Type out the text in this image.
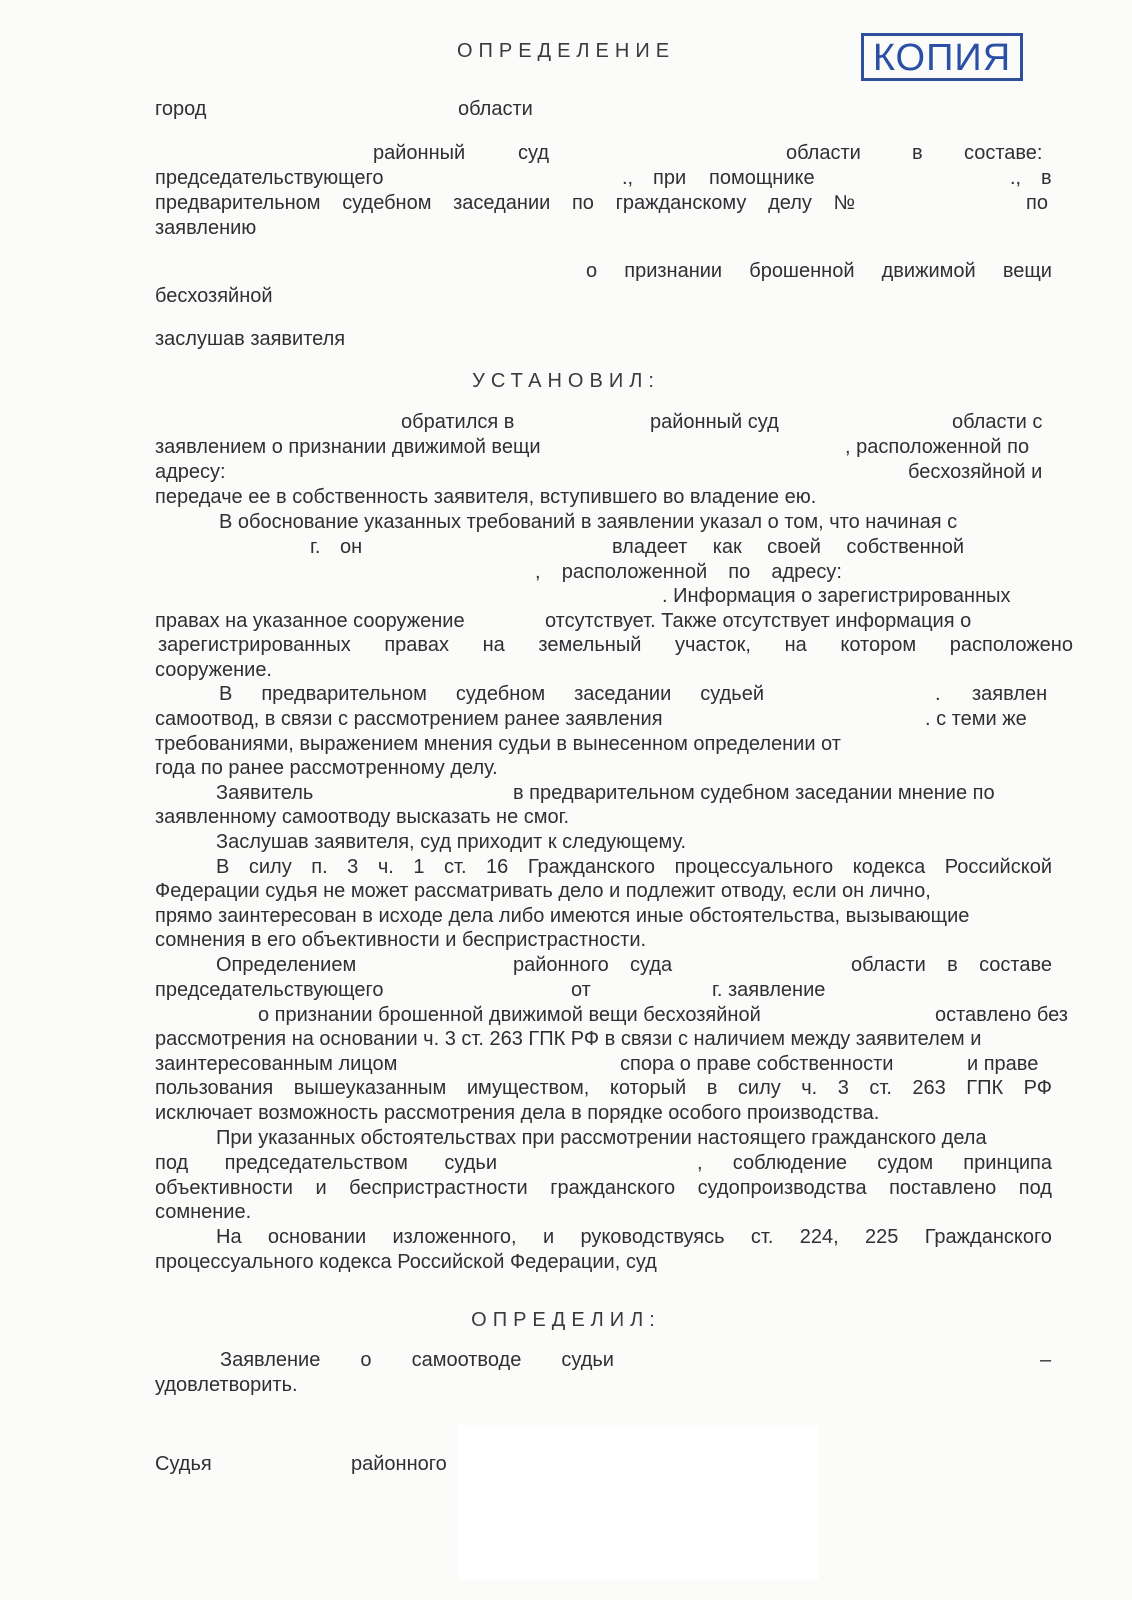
КОПИЯ
ОПРЕДЕЛЕНИЕ
город	области
районный	суд	области	в составе:
председательствующего	., при помощнике	., в
предварительном судебном заседании по гражданскому делу №	по
заявлению
о признании брошенной движимой вещи
бесхозяйной
заслушав заявителя
УСТАНОВИЛ:
обратился в	районный суд	области с
заявлением о признании движимой вещи	, расположенной по
адресу:	бесхозяйной и
передаче ее в собственность заявителя, вступившего во владение ею.
В обоснование указанных требований в заявлении указал о том, что начиная с
г. он	владеет как своей собственной
, расположенной по адресу:
. Информация о зарегистрированных
правах на указанное сооружение	отсутствует. Также отсутствует информация о
зарегистрированных правах на земельный участок, на котором расположено
сооружение.
В предварительном судебном заседании судьей	. заявлен
самоотвод, в связи с рассмотрением ранее заявления	. с теми же
требованиями, выражением мнения судьи в вынесенном определении от
года по ранее рассмотренному делу.
Заявитель	в предварительном судебном заседании мнение по
заявленному самоотводу высказать не смог.
Заслушав заявителя, суд приходит к следующему.
В силу п. 3 ч. 1 ст. 16 Гражданского процессуального кодекса Российской
Федерации судья не может рассматривать дело и подлежит отводу, если он лично,
прямо заинтересован в исходе дела либо имеются иные обстоятельства, вызывающие
сомнения в его объективности и беспристрастности.
Определением	районного суда	области в составе
председательствующего	от	г. заявление
о признании брошенной движимой вещи бесхозяйной	оставлено без
рассмотрения на основании ч. 3 ст. 263 ГПК РФ в связи с наличием между заявителем и
заинтересованным лицом	спора о праве собственности	и праве
пользования вышеуказанным имуществом, который в силу ч. 3 ст. 263 ГПК РФ
исключает возможность рассмотрения дела в порядке особого производства.
При указанных обстоятельствах при рассмотрении настоящего гражданского дела
под председательством судьи	, соблюдение судом принципа
объективности и беспристрастности гражданского судопроизводства поставлено под
сомнение.
На основании изложенного, и руководствуясь ст. 224, 225 Гражданского
процессуального кодекса Российской Федерации, суд
ОПРЕДЕЛИЛ:
Заявление о самоотводе судьи	–
удовлетворить.
Судья	районного
